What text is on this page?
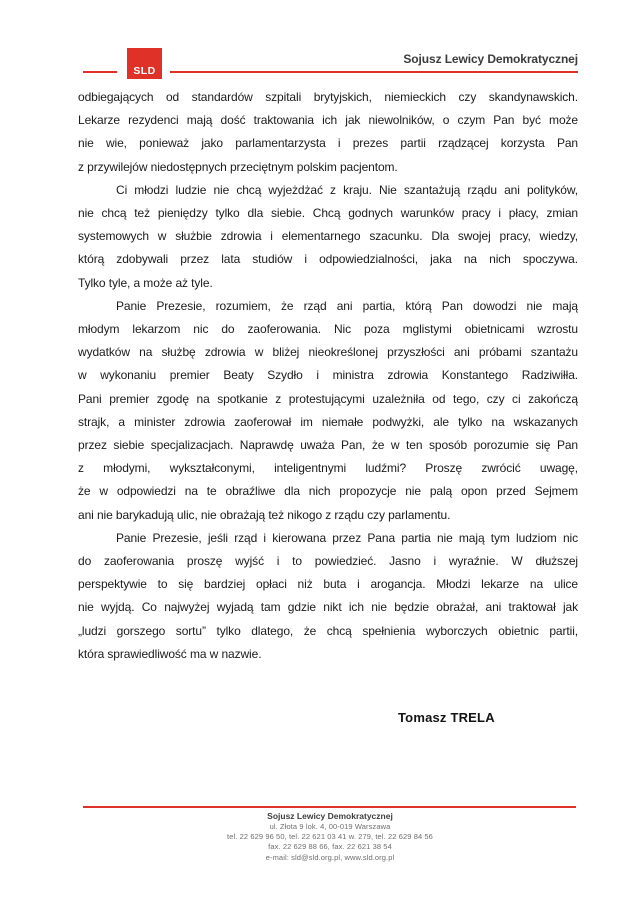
SLD
Sojusz Lewicy Demokratycznej
odbiegających od standardów szpitali brytyjskich, niemieckich czy skandynawskich.
Lekarze rezydenci mają dość traktowania ich jak niewolników, o czym Pan być może
nie wie, ponieważ jako parlamentarzysta i prezes partii rządzącej korzysta Pan
z przywilejów niedostępnych przeciętnym polskim pacjentom.
Ci młodzi ludzie nie chcą wyjeżdżać z kraju. Nie szantażują rządu ani polityków,
nie chcą też pieniędzy tylko dla siebie. Chcą godnych warunków pracy i płacy, zmian
systemowych w służbie zdrowia i elementarnego szacunku. Dla swojej pracy, wiedzy,
którą zdobywali przez lata studiów i odpowiedzialności, jaka na nich spoczywa.
Tylko tyle, a może aż tyle.
Panie Prezesie, rozumiem, że rząd ani partia, którą Pan dowodzi nie mają
młodym lekarzom nic do zaoferowania. Nic poza mglistymi obietnicami wzrostu
wydatków na służbę zdrowia w bliżej nieokreślonej przyszłości ani próbami szantażu
w wykonaniu premier Beaty Szydło i ministra zdrowia Konstantego Radziwiłła.
Pani premier zgodę na spotkanie z protestującymi uzależniła od tego, czy ci zakończą
strajk, a minister zdrowia zaoferował im niemałe podwyżki, ale tylko na wskazanych
przez siebie specjalizacjach. Naprawdę uważa Pan, że w ten sposób porozumie się Pan
z młodymi, wykształconymi, inteligentnymi ludźmi? Proszę zwrócić uwagę,
że w odpowiedzi na te obraźliwe dla nich propozycje nie palą opon przed Sejmem
ani nie barykadują ulic, nie obrażają też nikogo z rządu czy parlamentu.
Panie Prezesie, jeśli rząd i kierowana przez Pana partia nie mają tym ludziom nic
do zaoferowania proszę wyjść i to powiedzieć. Jasno i wyraźnie. W dłuższej
perspektywie to się bardziej opłaci niż buta i arogancja. Młodzi lekarze na ulice
nie wyjdą. Co najwyżej wyjadą tam gdzie nikt ich nie będzie obrażał, ani traktował jak
„ludzi gorszego sortu” tylko dlatego, że chcą spełnienia wyborczych obietnic partii,
która sprawiedliwość ma w nazwie.
Tomasz TRELA
Sojusz Lewicy Demokratycznej
ul. Złota 9 lok. 4, 00-019 Warszawa
tel. 22 629 96 50, tel. 22 621 03 41 w. 279, tel. 22 629 84 56
fax. 22 629 88 66, fax. 22 621 38 54
e-mail: sld@sld.org.pl, www.sld.org.pl
